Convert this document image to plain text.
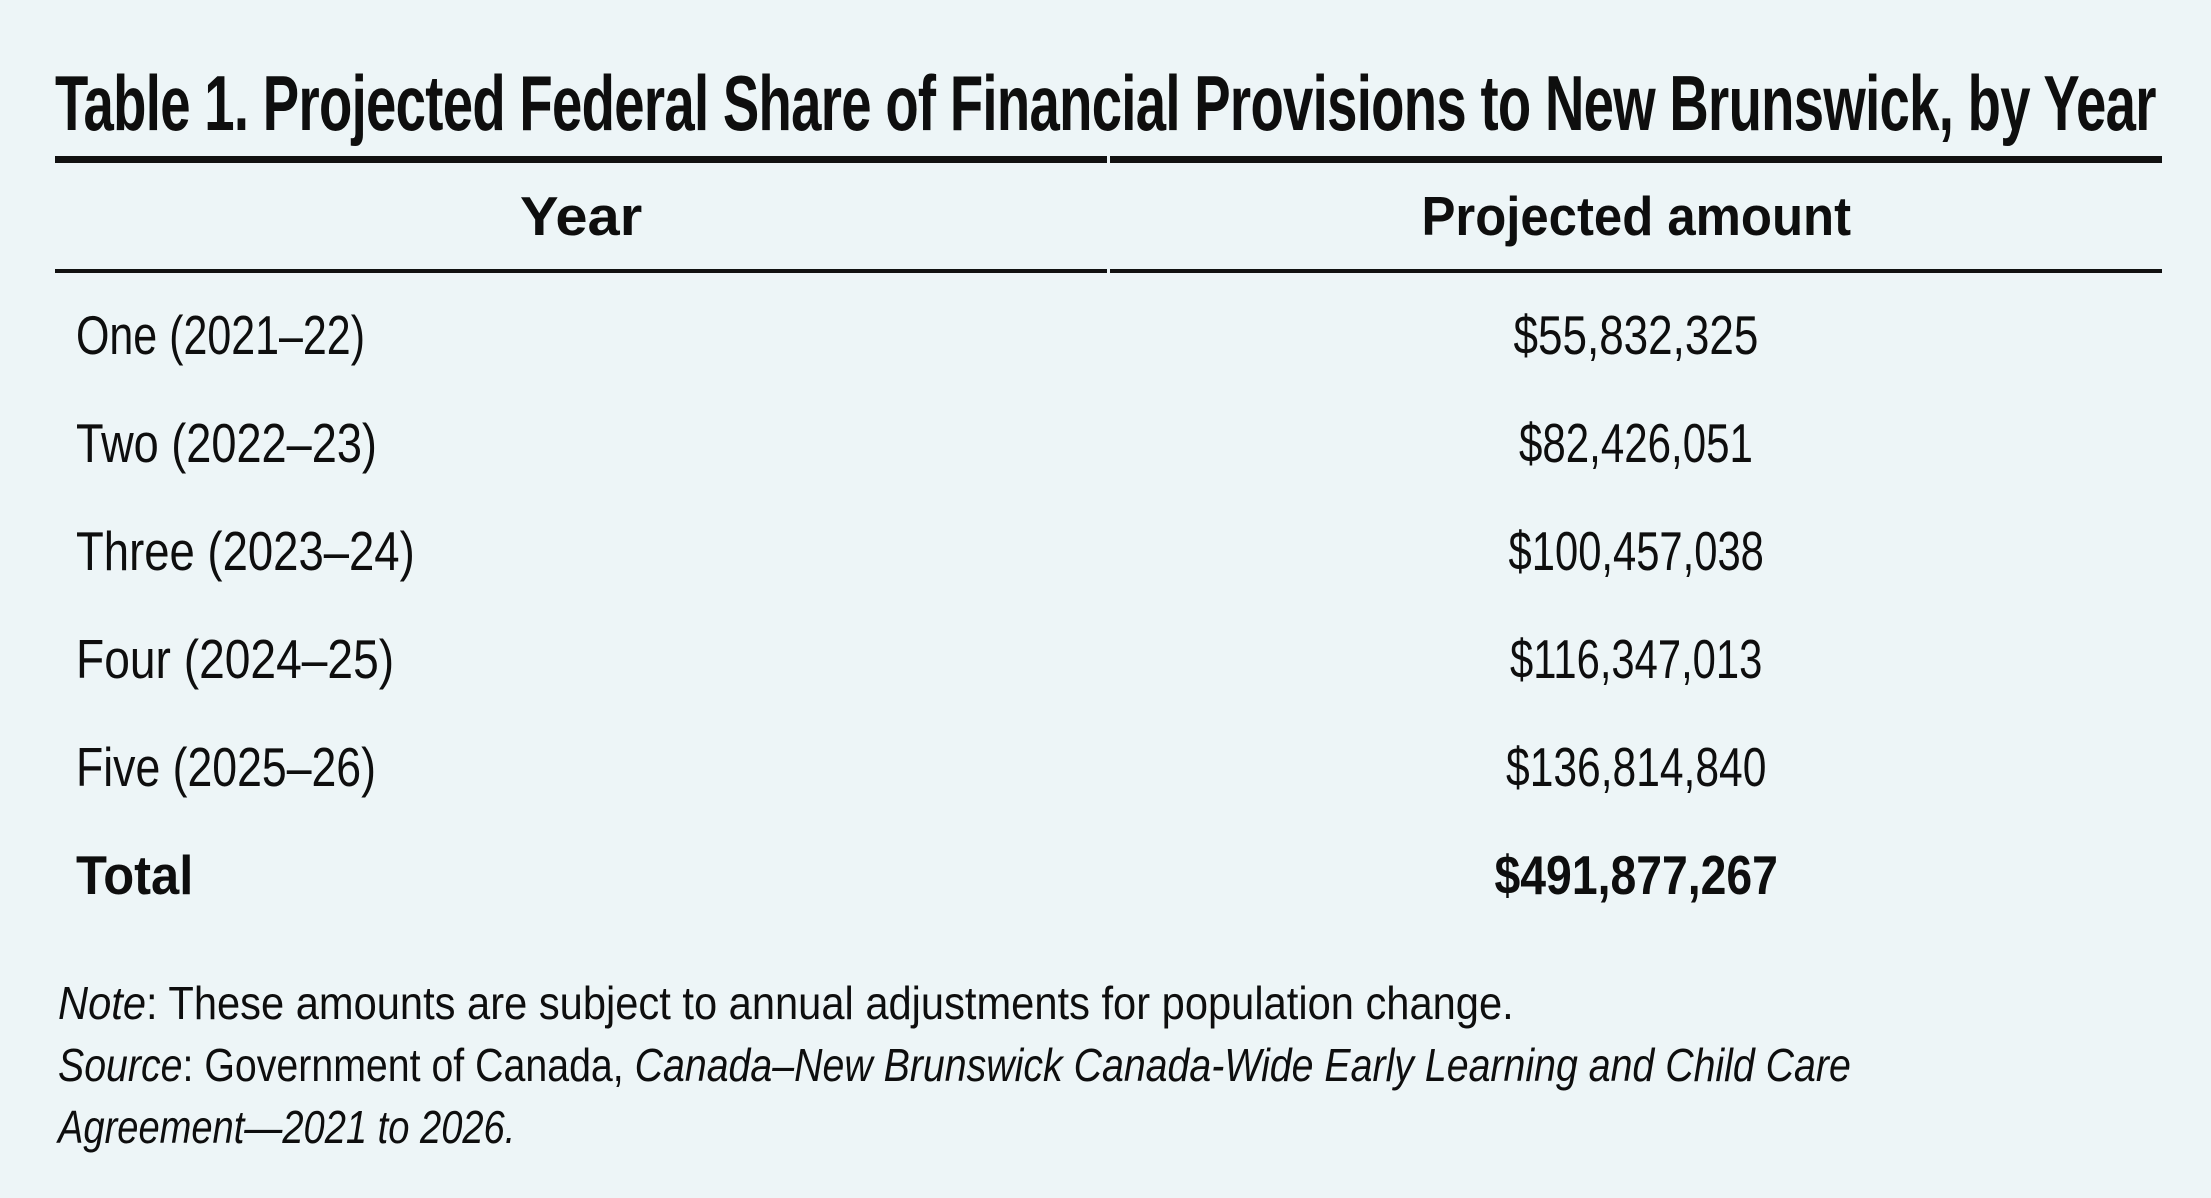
Table 1. Projected Federal Share of Financial Provisions to New Brunswick, by Year
Year	Projected amount
One (2021–22)	$55,832,325
Two (2022–23)	$82,426,051
Three (2023–24)	$100,457,038
Four (2024–25)	$116,347,013
Five (2025–26)	$136,814,840
Total	$491,877,267
Note: These amounts are subject to annual adjustments for population change.
Source: Government of Canada, Canada–New Brunswick Canada-Wide Early Learning and Child Care
Agreement—2021 to 2026.
